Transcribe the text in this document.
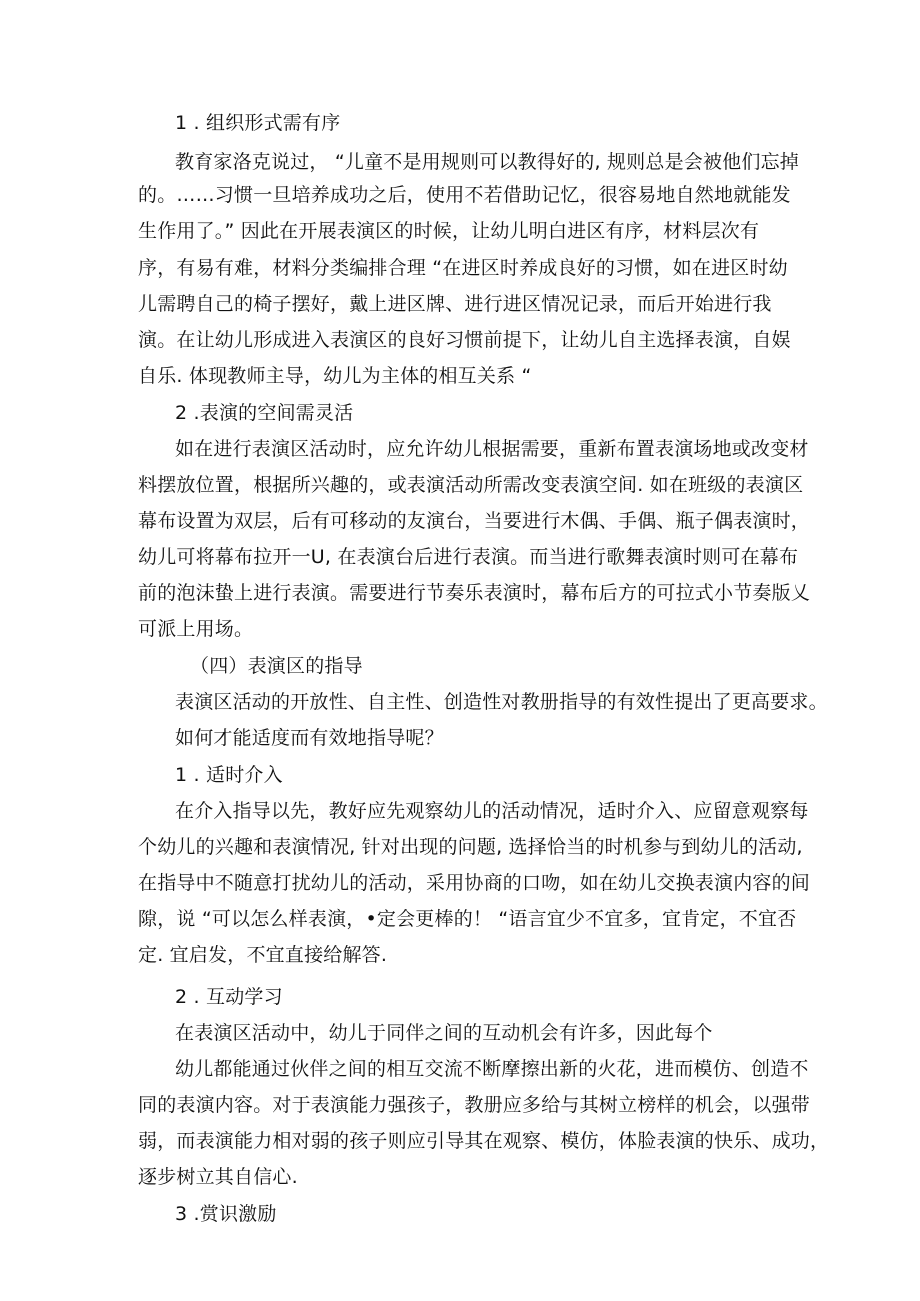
1 . 组织形式需有序
教育家洛克说过， “儿童不是用规则可以教得好的, 规则总是会被他们忘掉
的。……习惯一旦培养成功之后，使用不若借助记忆，很容易地自然地就能发
生作用了。” 因此在开展表演区的时候，让幼儿明白进区有序，材料层次有
序，有易有难，材料分类编排合理 “在进区时养成良好的习惯，如在进区时幼
儿需聘自己的椅子摆好，戴上进区牌、进行进区情况记录，而后开始进行我
演。在让幼儿形成进入表演区的良好习惯前提下，让幼儿自主选择表演，自娱
自乐. 体现教师主导，幼儿为主体的相互关系 “
2 .表演的空间需灵活
如在进行表演区活动时，应允许幼儿根据需要，重新布置表演场地或改变材
料摆放位置，根据所兴趣的，或表演活动所需改变表演空间. 如在班级的表演区
幕布设置为双层，后有可移动的友演台，当要进行木偶、手偶、瓶子偶表演时，
幼儿可将幕布拉开一U, 在表演台后进行表演。而当进行歌舞表演时则可在幕布
前的泡沫蛰上进行表演。需要进行节奏乐表演时，幕布后方的可拉式小节奏版乂
可派上用场。
（四）表演区的指导
表演区活动的开放性、自主性、创造性对教册指导的有效性提出了更高要求。
如何才能适度而有效地指导呢？
1 . 适时介入
在介入指导以先，教好应先观察幼儿的活动情况，适时介入、应留意观察每
个幼儿的兴趣和表演情况, 针对出现的问题, 选择恰当的时机参与到幼儿的活动,
在指导中不随意打扰幼儿的活动，采用协商的口吻，如在幼儿交换表演内容的间
隙，说 “可以怎么样表演，•定会更棒的！ “语言宜少不宜多，宜肯定，不宜否
定. 宜启发，不宜直接给解答.
2 . 互动学习
在表演区活动中，幼儿于同伴之间的互动机会有许多，因此每个
幼儿都能通过伙伴之间的相互交流不断摩擦出新的火花，进而模仿、创造不
同的表演内容。对于表演能力强孩子，教册应多给与其树立榜样的机会，以强带
弱，而表演能力相对弱的孩子则应引导其在观察、模仿，体脸表演的快乐、成功，
逐步树立其自信心.
3 .赏识激励
